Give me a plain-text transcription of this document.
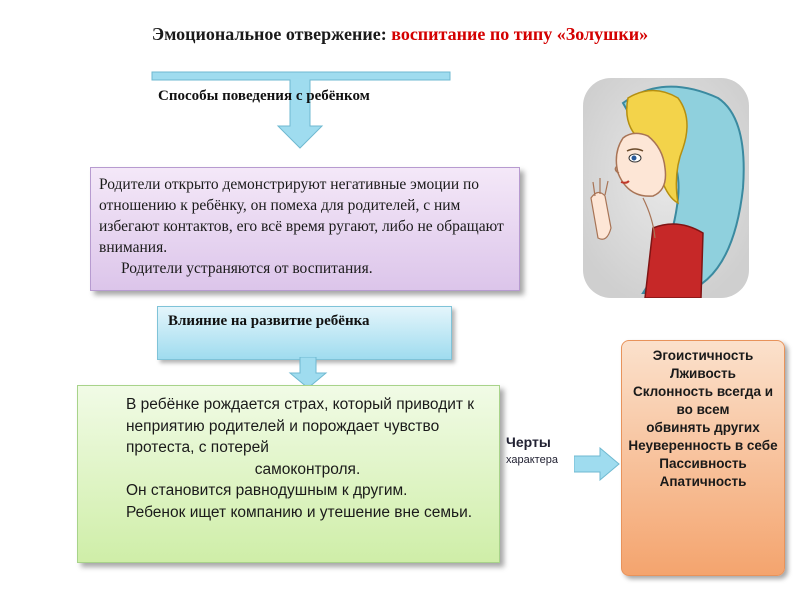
Эмоциональное отвержение: воспитание по типу «Золушки»
Способы поведения с ребёнком
Родители открыто демонстрируют негативные эмоции по отношению к ребёнку, он помеха для родителей, с ним избегают контактов, его всё время ругают, либо не обращают внимания.
Родители устраняются от воспитания.
Влияние на развитие ребёнка
В ребёнке рождается страх, который приводит к неприятию родителей и порождает чувство протеста, с потерей
самоконтроля.
Он становится равнодушным к другим.
Ребенок ищет компанию и утешение вне семьи.
Черты
характера
Эгоистичность
Лживость
Склонность всегда и
во всем
обвинять других
Неуверенность в себе
Пассивность
Апатичность
